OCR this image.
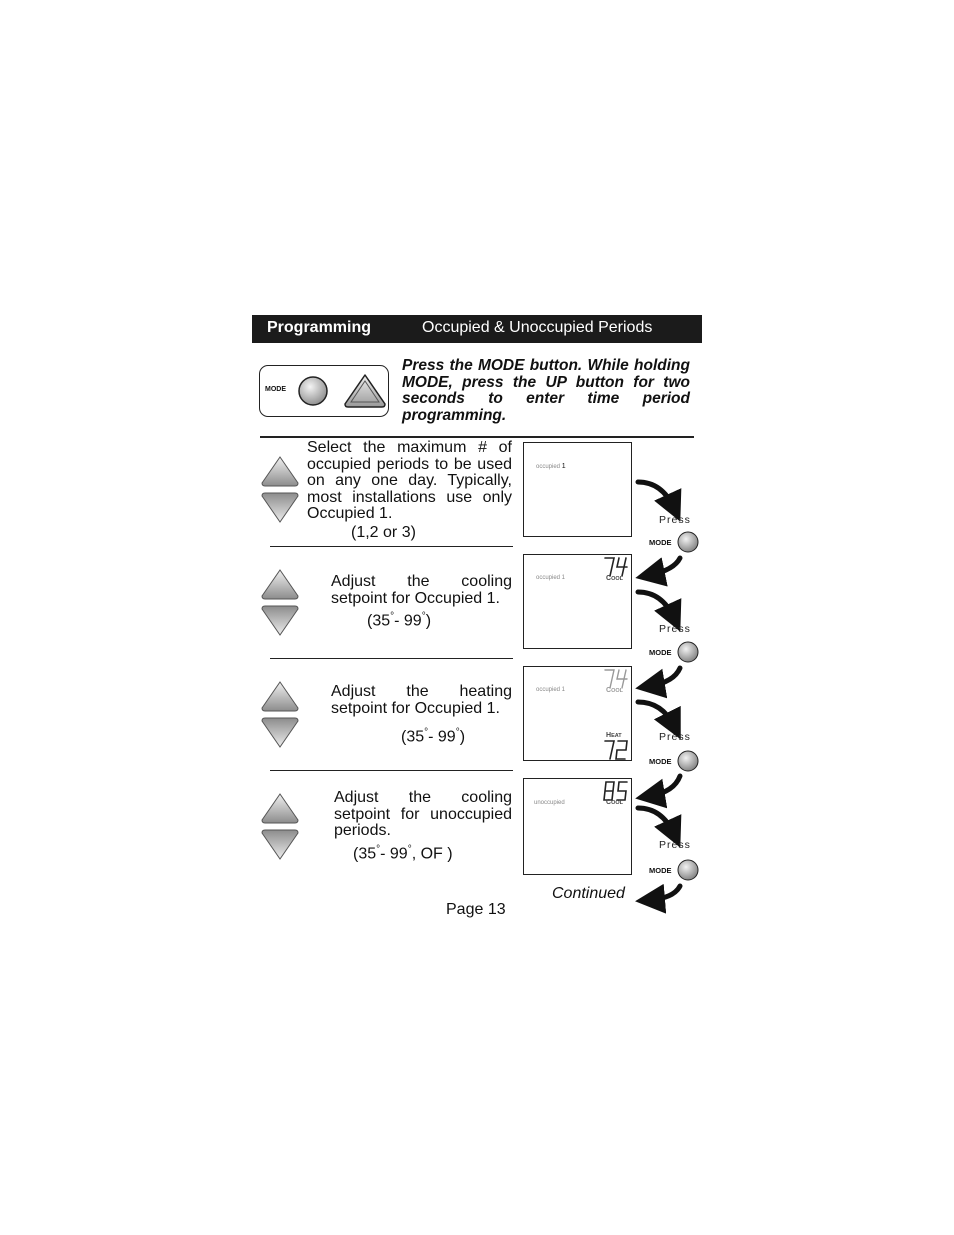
Programming	Occupied & Unoccupied Periods
MODE
Press the MODE button. While holding MODE, press the UP button for two seconds to enter time period programming.
Select the maximum # of occupied periods to be used on any one day. Typically, most installations use only Occupied 1.
(1,2 or 3)
Adjust the cooling setpoint for Occupied 1.
(35°- 99°)
Adjust the heating setpoint for Occupied 1.
(35°- 99°)
Adjust the cooling setpoint for unoccupied periods.
(35°- 99°, OF )
occupied 1
occupied 1	COOL
occupied 1	COOL
HEAT
unoccupied	COOL
Press
MODE
Press
MODE
Press
MODE
Press
MODE
Continued
Page 13
